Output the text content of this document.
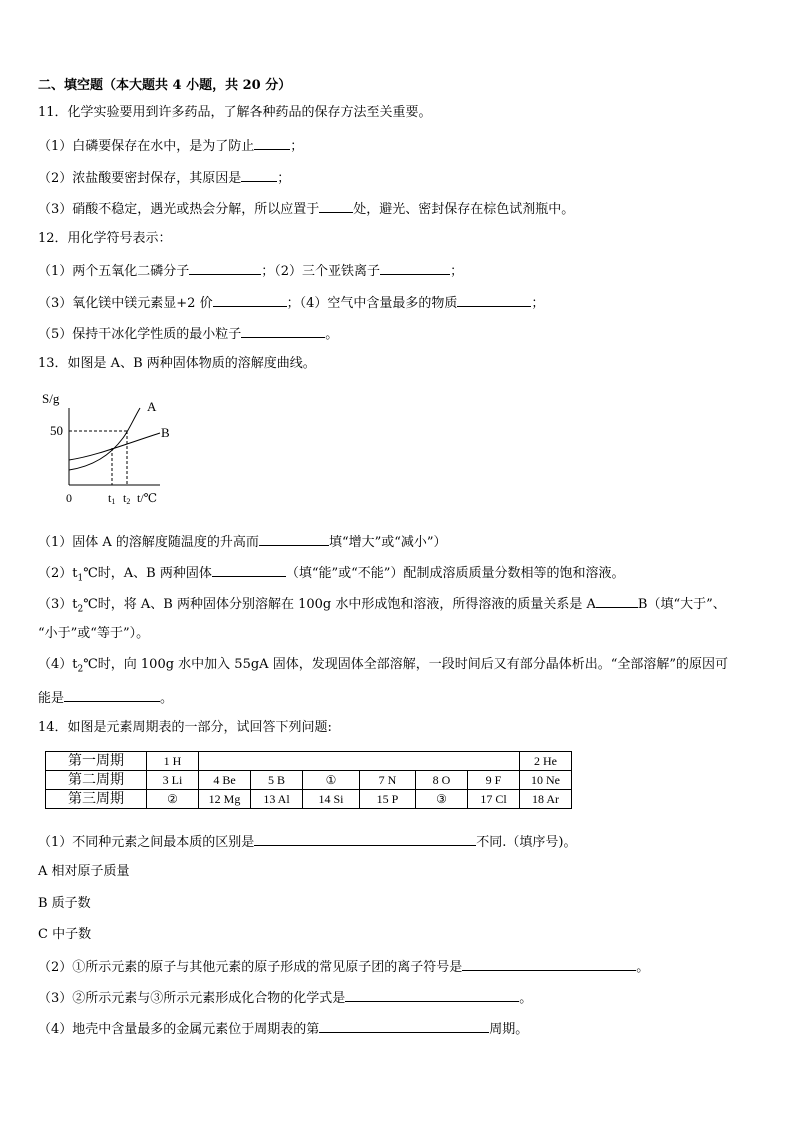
二、填空题（本大题共 4 小题，共 20 分）
11．化学实验要用到许多药品，了解各种药品的保存方法至关重要。
（1）白磷要保存在水中，是为了防止	；
（2）浓盐酸要密封保存，其原因是	；
（3）硝酸不稳定，遇光或热会分解，所以应置于	处，避光、密封保存在棕色试剂瓶中。
12．用化学符号表示：
（1）两个五氧化二磷分子	；（2）三个亚铁离子	；
（3）氧化镁中镁元素显+2 价	；（4）空气中含量最多的物质	；
（5）保持干冰化学性质的最小粒子	。
13．如图是 A、B 两种固体物质的溶解度曲线。
S/g
50
A
B
0	t1 t2 t/℃
（1）固体 A 的溶解度随温度的升高而	填“增大”或“减小”）
$(2)t_1℃$时，A、B 两种固体	（填“能”或“不能”）配制成溶质质量分数相等的饱和溶液。
$(3)t_2℃$时，将 A、B 两种固体分别溶解在 100g 水中形成饱和溶液，所得溶液的质量关系是 A	B（填“大于”、
“小于”或“等于”）。
$(4)t_2℃$时，向 100g 水中加入 55gA 固体，发现固体全部溶解，一段时间后又有部分晶体析出。“全部溶解”的原因可
能是	。
14．如图是元素周期表的一部分，试回答下列问题:
第一周期	1 H							2 He
第二周期	3 Li	4 Be	5 B	①	7 N	8 O	9 F	10 Ne
第三周期	②	12 Mg	13 Al	14 Si	15 P	③	17 Cl	18 Ar
（1）不同种元素之间最本质的区别是	不同.（填序号)。
A 相对原子质量
B 质子数
C 中子数
（2）①所示元素的原子与其他元素的原子形成的常见原子团的离子符号是	。
（3）②所示元素与③所示元素形成化合物的化学式是	。
（4）地壳中含量最多的金属元素位于周期表的第	周期。
